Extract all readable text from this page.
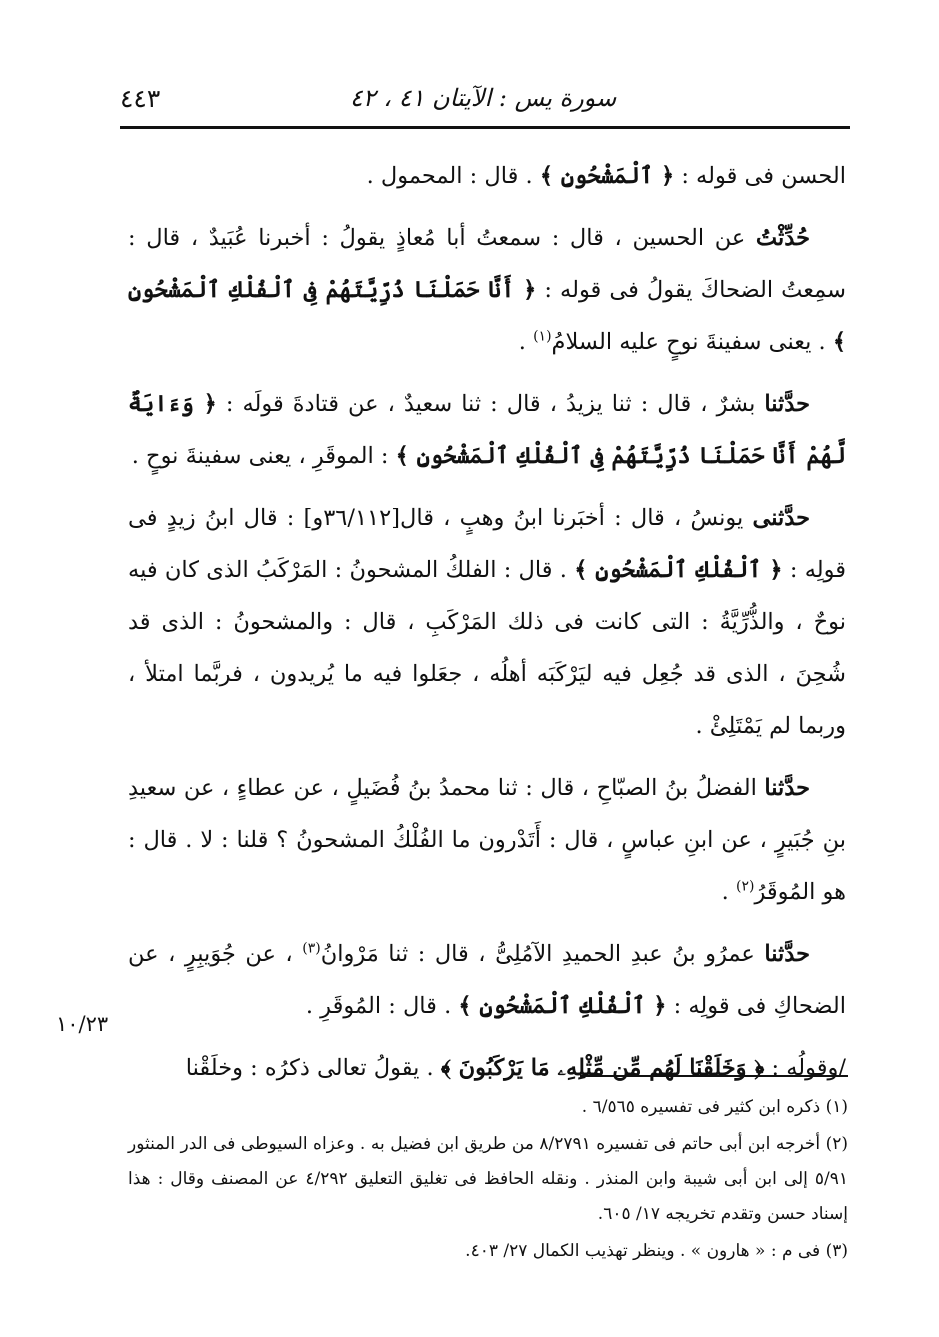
٤٤٣	سورة يس : الآيتان ٤١ ، ٤٢

الحسن فى قوله : ﴿ ٱلْمَشْحُونِ ﴾ . قال : المحمول .

حُدِّثْتُ عن الحسين ، قال : سمعتُ أبا مُعاذٍ يقولُ : أخبرنا عُبَيدٌ ، قال : سمِعتُ الضحاكَ يقولُ فى قوله : ﴿ أَنَّا حَمَلْنَا ذُرِّيَّتَهُمْ فِى ٱلْفُلْكِ ٱلْمَشْحُونِ ﴾ . يعنى سفينةَ نوحٍ عليه السلامُ$^{(١)}$ .

حدَّثنا بشرٌ ، قال : ثنا يزيدُ ، قال : ثنا سعيدٌ ، عن قتادةَ قولَه : ﴿ وَءَايَةٌ لَّهُمْ أَنَّا حَمَلْنَا ذُرِّيَّتَهُمْ فِى ٱلْفُلْكِ ٱلْمَشْحُونِ ﴾ : الموقَرِ ، يعنى سفينةَ نوحٍ .

حدَّثنى يونسُ ، قال : أخبَرنا ابنُ وهبٍ ، قال[٣٦/١١٢و] : قال ابنُ زيدٍ فى قولِه : ﴿ ٱلْفُلْكِ ٱلْمَشْحُونِ ﴾ . قال : الفلكُ المشحونُ : المَرْكَبُ الذى كان فيه نوحٌ ، والذُّرِّيَّةُ : التى كانت فى ذلك المَرْكَبِ ، قال : والمشحونُ : الذى قد شُحِنَ ، الذى قد جُعِل فيه ليَرْكَبَه أهلُه ، جعَلوا فيه ما يُريدون ، فربَّما امتلأ ، وربما لم يَمْتَلِئْ .

حدَّثنا الفضلُ بنُ الصبّاحِ ، قال : ثنا محمدُ بنُ فُضَيلٍ ، عن عطاءٍ ، عن سعيدِ بنِ جُبَيرٍ ، عن ابنِ عباسٍ ، قال : أَتَدْرون ما الفُلْكُ المشحونُ ؟ قلنا : لا . قال : هو المُوقَرُ$^{(٢)}$ .

حدَّثنا عمرُو بنُ عبدِ الحميدِ الآمُلِىُّ ، قال : ثنا مَرْوانُ$^{(٣)}$ ، عن جُوَيبِرٍ ، عن الضحاكِ فى قولِه : ﴿ ٱلْفُلْكِ ٱلْمَشْحُونِ ﴾ . قال : المُوقَرِ .

/وقولُه : ﴿ وَخَلَقْنَا لَهُم مِّن مِّثْلِهِۦ مَا يَرْكَبُونَ ﴾ . يقولُ تعالى ذكرُه : وخلَقْنا

١٠/٢٣

(١) ذكره ابن كثير فى تفسيره ٦/٥٦٥ .

(٢) أخرجه ابن أبى حاتم فى تفسيره ٨/٢٧٩١ من طريق ابن فضيل به . وعزاه السيوطى فى الدر المنثور ٥/٩١ إلى ابن أبى شيبة وابن المنذر . ونقله الحافظ فى تغليق التعليق ٤/٢٩٢ عن المصنف وقال : هذا إسناد حسن وتقدم تخريجه ١٧/ ٦٠٥.

(٣) فى م : « هارون » . وينظر تهذيب الكمال ٢٧/ ٤٠٣.
